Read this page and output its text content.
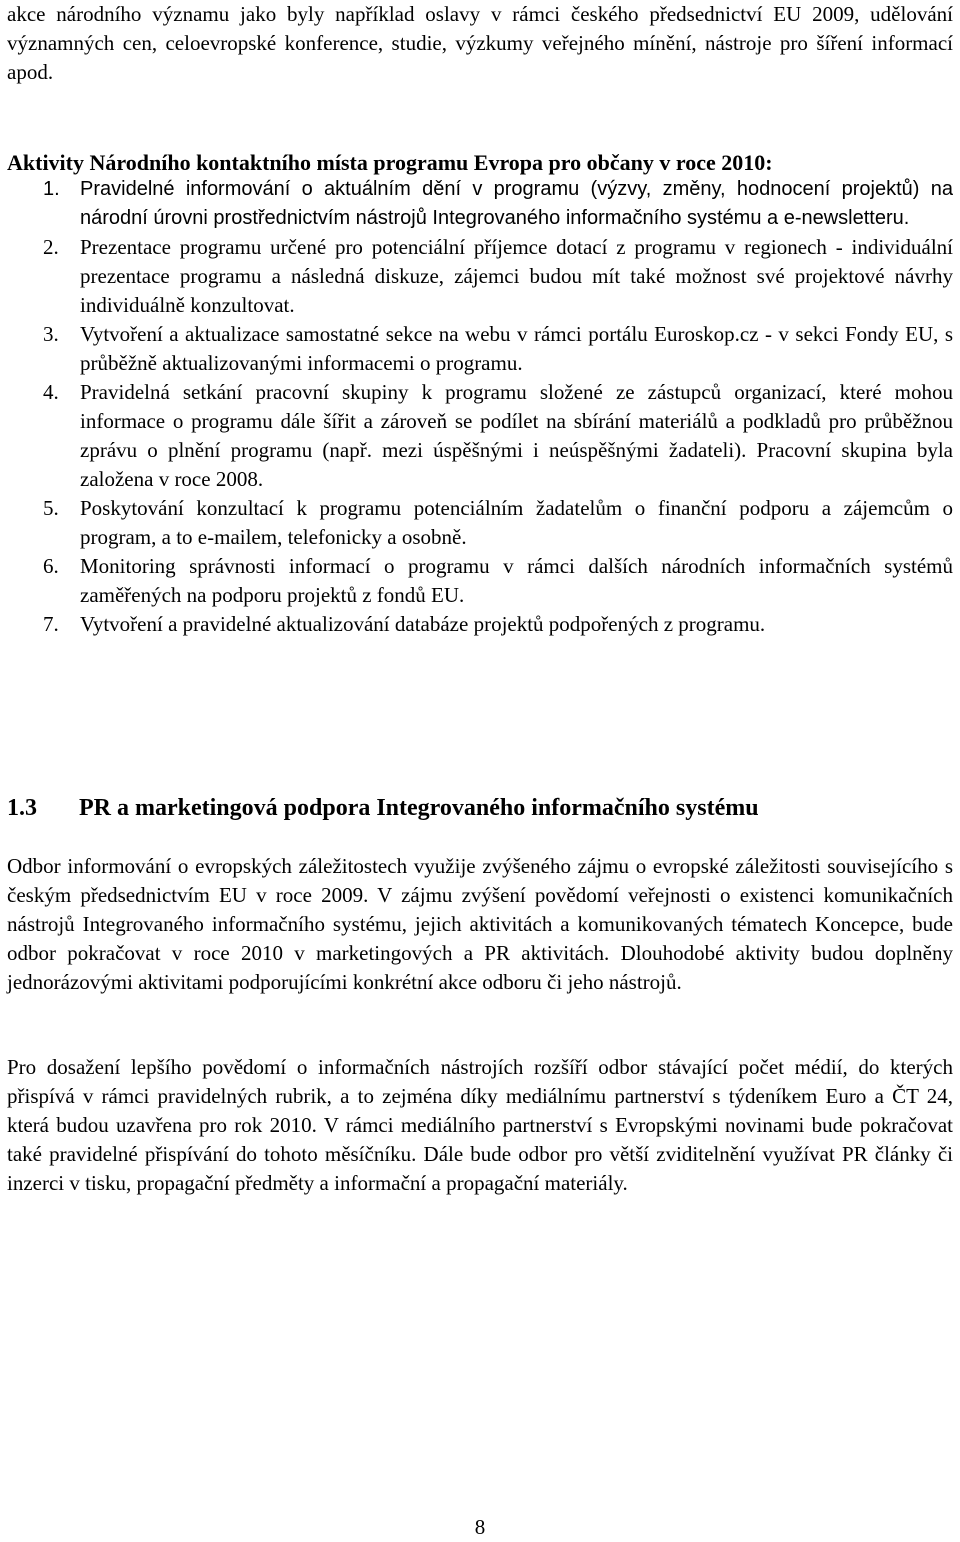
akce národního významu jako byly například oslavy v rámci českého předsednictví EU 2009, udělování významných cen, celoevropské konference, studie, výzkumy veřejného mínění, nástroje pro šíření informací apod.
Aktivity Národního kontaktního místa programu Evropa pro občany v roce 2010:
1. Pravidelné informování o aktuálním dění v programu (výzvy, změny, hodnocení projektů) na národní úrovni prostřednictvím nástrojů Integrovaného informačního systému a e-newsletteru.
2. Prezentace programu určené pro potenciální příjemce dotací z programu v regionech - individuální prezentace programu a následná diskuze, zájemci budou mít také možnost své projektové návrhy individuálně konzultovat.
3. Vytvoření a aktualizace samostatné sekce na webu v rámci portálu Euroskop.cz - v sekci Fondy EU, s průběžně aktualizovanými informacemi o programu.
4. Pravidelná setkání pracovní skupiny k programu složené ze zástupců organizací, které mohou informace o programu dále šířit a zároveň se podílet na sbírání materiálů a podkladů pro průběžnou zprávu o plnění programu (např. mezi úspěšnými i neúspěšnými žadateli). Pracovní skupina byla založena v roce 2008.
5. Poskytování konzultací k programu potenciálním žadatelům o finanční podporu a zájemcům o program, a to e-mailem, telefonicky a osobně.
6. Monitoring správnosti informací o programu v rámci dalších národních informačních systémů zaměřených na podporu projektů z fondů EU.
7. Vytvoření a pravidelné aktualizování databáze projektů podpořených z programu.
1.3 PR a marketingová podpora Integrovaného informačního systému
Odbor informování o evropských záležitostech využije zvýšeného zájmu o evropské záležitosti souvisejícího s českým předsednictvím EU v roce 2009. V zájmu zvýšení povědomí veřejnosti o existenci komunikačních nástrojů Integrovaného informačního systému, jejich aktivitách a komunikovaných tématech Koncepce, bude odbor pokračovat v roce 2010 v marketingových a PR aktivitách. Dlouhodobé aktivity budou doplněny jednorázovými aktivitami podporujícími konkrétní akce odboru či jeho nástrojů.
Pro dosažení lepšího povědomí o informačních nástrojích rozšíří odbor stávající počet médií, do kterých přispívá v rámci pravidelných rubrik, a to zejména díky mediálnímu partnerství s týdeníkem Euro a ČT 24, která budou uzavřena pro rok 2010. V rámci mediálního partnerství s Evropskými novinami bude pokračovat také pravidelné přispívání do tohoto měsíčníku. Dále bude odbor pro větší zviditelnění využívat PR články či inzerci v tisku, propagační předměty a informační a propagační materiály.
8
